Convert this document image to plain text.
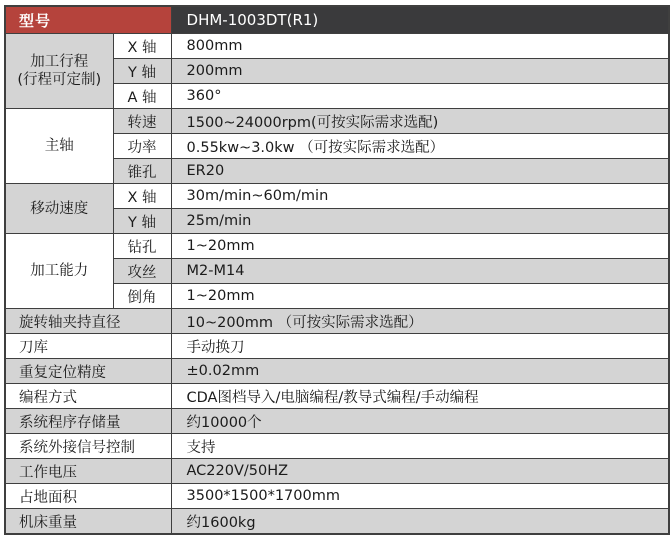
型号		DHM-1003DT(R1)

加工行程
(行程可定制)	X 轴	800mm
	Y 轴	200mm
	A 轴	360°
主轴	转速	1500~24000rpm(可按实际需求选配)
	功率	0.55kw~3.0kw （可按实际需求选配）
	锥孔	ER20
移动速度	X 轴	30m/min~60m/min
	Y 轴	25m/min
加工能力	钻孔	1~20mm
	攻丝	M2-M14
	倒角	1~20mm
旋转轴夹持直径		10~200mm （可按实际需求选配）
刀库		手动换刀
重复定位精度		±0.02mm
编程方式		CDA图档导入/电脑编程/教导式编程/手动编程
系统程序存储量		约10000个
系统外接信号控制		支持
工作电压		AC220V/50HZ
占地面积		3500*1500*1700mm
机床重量		约1600kg
